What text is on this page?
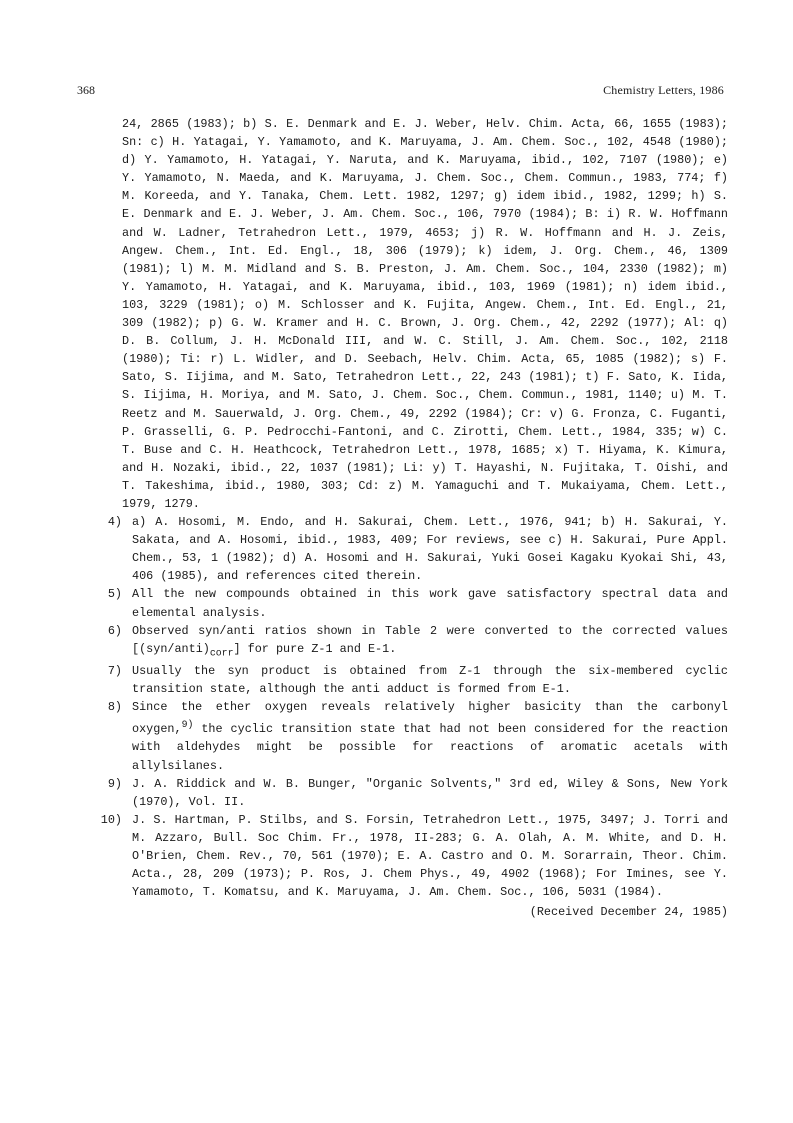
368	Chemistry Letters, 1986
24, 2865 (1983); b) S. E. Denmark and E. J. Weber, Helv. Chim. Acta, 66, 1655 (1983); Sn: c) H. Yatagai, Y. Yamamoto, and K. Maruyama, J. Am. Chem. Soc., 102, 4548 (1980); d) Y. Yamamoto, H. Yatagai, Y. Naruta, and K. Maruyama, ibid., 102, 7107 (1980); e) Y. Yamamoto, N. Maeda, and K. Maruyama, J. Chem. Soc., Chem. Commun., 1983, 774; f) M. Koreeda, and Y. Tanaka, Chem. Lett. 1982, 1297; g) idem ibid., 1982, 1299; h) S. E. Denmark and E. J. Weber, J. Am. Chem. Soc., 106, 7970 (1984); B: i) R. W. Hoffmann and W. Ladner, Tetrahedron Lett., 1979, 4653; j) R. W. Hoffmann and H. J. Zeis, Angew. Chem., Int. Ed. Engl., 18, 306 (1979); k) idem, J. Org. Chem., 46, 1309 (1981); l) M. M. Midland and S. B. Preston, J. Am. Chem. Soc., 104, 2330 (1982); m) Y. Yamamoto, H. Yatagai, and K. Maruyama, ibid., 103, 1969 (1981); n) idem ibid., 103, 3229 (1981); o) M. Schlosser and K. Fujita, Angew. Chem., Int. Ed. Engl., 21, 309 (1982); p) G. W. Kramer and H. C. Brown, J. Org. Chem., 42, 2292 (1977); Al: q) D. B. Collum, J. H. McDonald III, and W. C. Still, J. Am. Chem. Soc., 102, 2118 (1980); Ti: r) L. Widler, and D. Seebach, Helv. Chim. Acta, 65, 1085 (1982); s) F. Sato, S. Iijima, and M. Sato, Tetrahedron Lett., 22, 243 (1981); t) F. Sato, K. Iida, S. Iijima, H. Moriya, and M. Sato, J. Chem. Soc., Chem. Commun., 1981, 1140; u) M. T. Reetz and M. Sauerwald, J. Org. Chem., 49, 2292 (1984); Cr: v) G. Fronza, C. Fuganti, P. Grasselli, G. P. Pedrocchi-Fantoni, and C. Zirotti, Chem. Lett., 1984, 335; w) C. T. Buse and C. H. Heathcock, Tetrahedron Lett., 1978, 1685; x) T. Hiyama, K. Kimura, and H. Nozaki, ibid., 22, 1037 (1981); Li: y) T. Hayashi, N. Fujitaka, T. Oishi, and T. Takeshima, ibid., 1980, 303; Cd: z) M. Yamaguchi and T. Mukaiyama, Chem. Lett., 1979, 1279.
4) a) A. Hosomi, M. Endo, and H. Sakurai, Chem. Lett., 1976, 941; b) H. Sakurai, Y. Sakata, and A. Hosomi, ibid., 1983, 409; For reviews, see c) H. Sakurai, Pure Appl. Chem., 53, 1 (1982); d) A. Hosomi and H. Sakurai, Yuki Gosei Kagaku Kyokai Shi, 43, 406 (1985), and references cited therein.
5) All the new compounds obtained in this work gave satisfactory spectral data and elemental analysis.
6) Observed syn/anti ratios shown in Table 2 were converted to the corrected values $[(syn/anti)_{corr}]$ for pure Z-1 and E-1.
7) Usually the syn product is obtained from Z-1 through the six-membered cyclic transition state, although the anti adduct is formed from E-1.
8) Since the ether oxygen reveals relatively higher basicity than the carbonyl oxygen,$^{9)}$ the cyclic transition state that had not been considered for the reaction with aldehydes might be possible for reactions of aromatic acetals with allylsilanes.
9) J. A. Riddick and W. B. Bunger, "Organic Solvents," 3rd ed, Wiley & Sons, New York (1970), Vol. II.
10) J. S. Hartman, P. Stilbs, and S. Forsin, Tetrahedron Lett., 1975, 3497; J. Torri and M. Azzaro, Bull. Soc Chim. Fr., 1978, II-283; G. A. Olah, A. M. White, and D. H. O'Brien, Chem. Rev., 70, 561 (1970); E. A. Castro and O. M. Sorarrain, Theor. Chim. Acta., 28, 209 (1973); P. Ros, J. Chem Phys., 49, 4902 (1968); For Imines, see Y. Yamamoto, T. Komatsu, and K. Maruyama, J. Am. Chem. Soc., 106, 5031 (1984).
(Received December 24, 1985)
